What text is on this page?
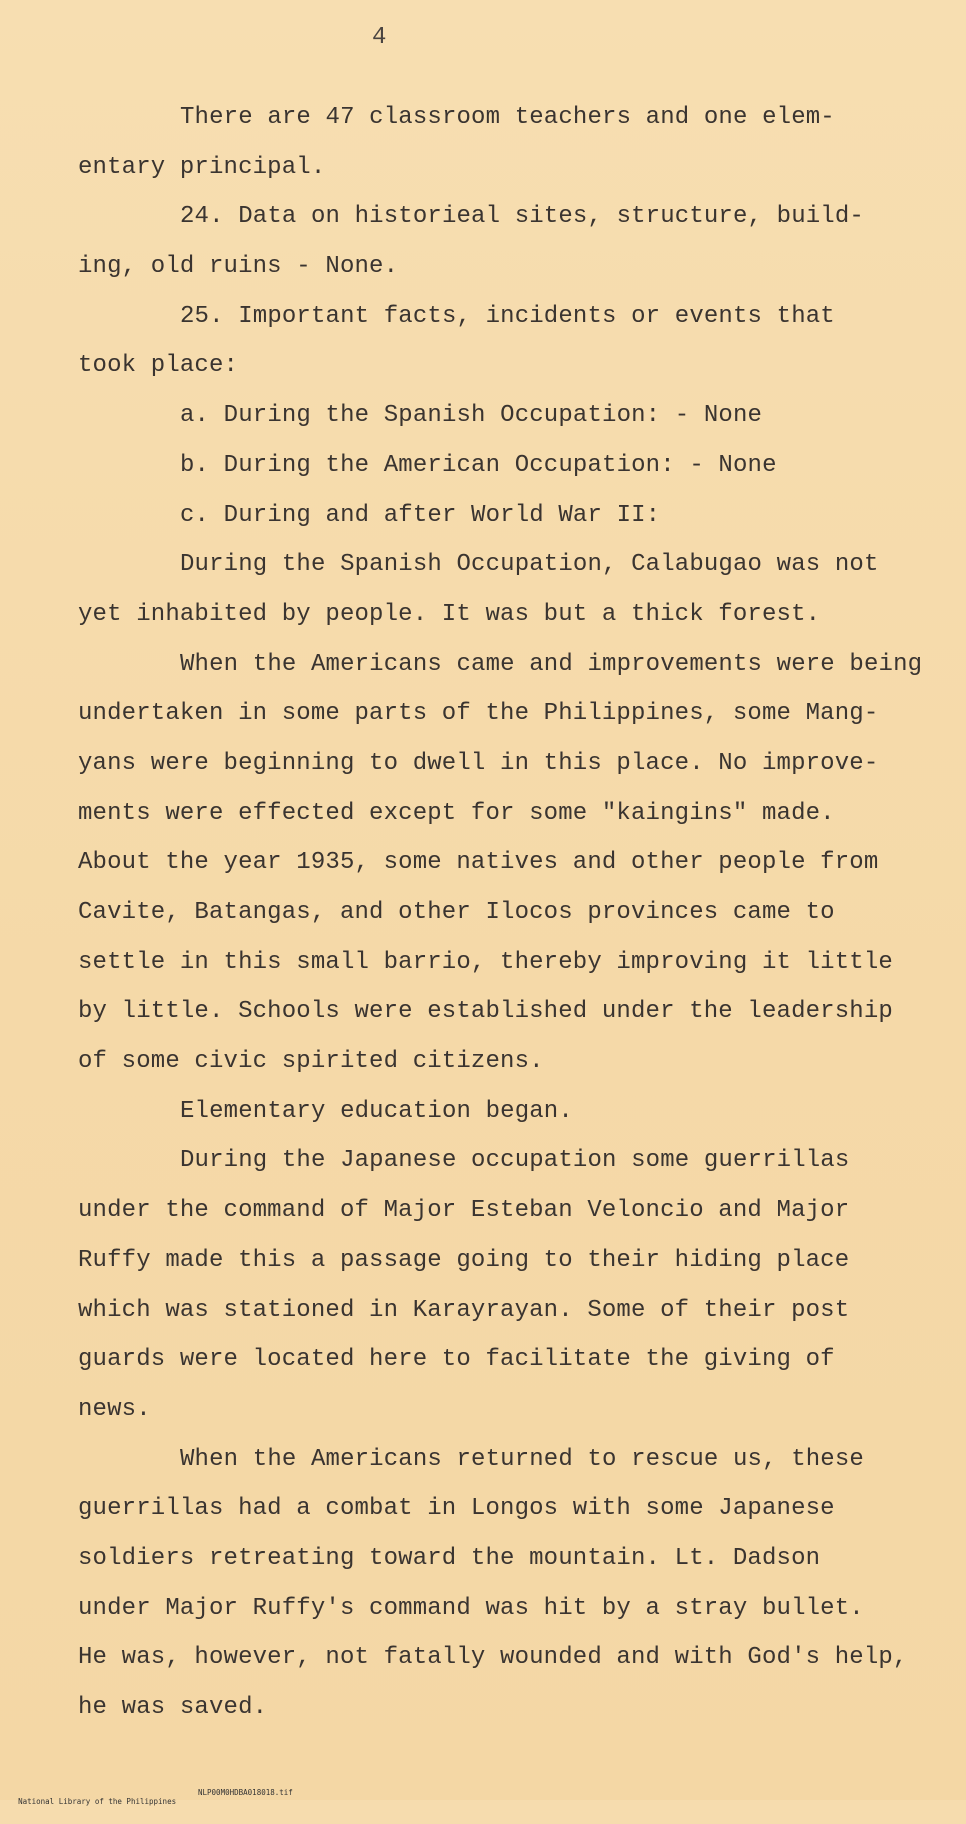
4
There are 47 classroom teachers and one elem-
entary principal.
24. Data on historieal sites, structure, build-
ing, old ruins - None.
25. Important facts, incidents or events that
took place:
a. During the Spanish Occupation: - None
b. During the American Occupation: - None
c. During and after World War II:
During the Spanish Occupation, Calabugao was not
yet inhabited by people. It was but a thick forest.
When the Americans came and improvements were being
undertaken in some parts of the Philippines, some Mang-
yans were beginning to dwell in this place. No improve-
ments were effected except for some "kaingins" made.
About the year 1935, some natives and other people from
Cavite, Batangas, and other Ilocos provinces came to
settle in this small barrio, thereby improving it little
by little. Schools were established under the leadership
of some civic spirited citizens.
Elementary education began.
During the Japanese occupation some guerrillas
under the command of Major Esteban Veloncio and Major
Ruffy made this a passage going to their hiding place
which was stationed in Karayrayan. Some of their post
guards were located here to facilitate the giving of
news.
When the Americans returned to rescue us, these
guerrillas had a combat in Longos with some Japanese
soldiers retreating toward the mountain. Lt. Dadson
under Major Ruffy's command was hit by a stray bullet.
He was, however, not fatally wounded and with God's help,
he was saved.

National Library of the Philippines

NLP00M0HDBA018018.tif
